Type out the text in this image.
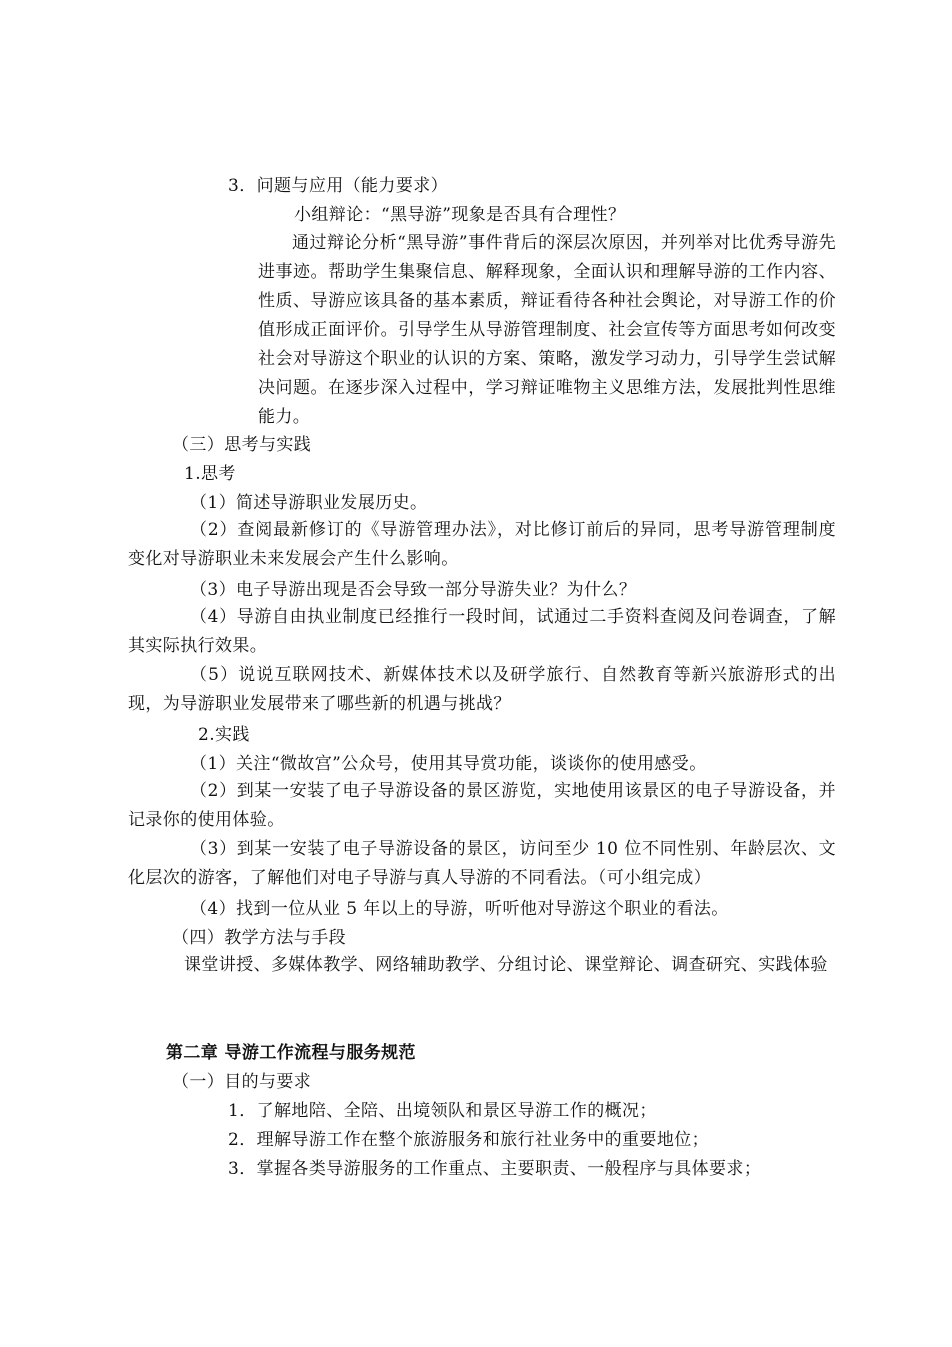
3．问题与应用（能力要求）
小组辩论：“黑导游”现象是否具有合理性？
通过辩论分析“黑导游”事件背后的深层次原因，并列举对比优秀导游先进事迹。帮助学生集聚信息、解释现象，全面认识和理解导游的工作内容、性质、导游应该具备的基本素质，辩证看待各种社会舆论，对导游工作的价值形成正面评价。引导学生从导游管理制度、社会宣传等方面思考如何改变社会对导游这个职业的认识的方案、策略，激发学习动力，引导学生尝试解决问题。在逐步深入过程中，学习辩证唯物主义思维方法，发展批判性思维能力。
（三）思考与实践
1.思考
（1）简述导游职业发展历史。
（2）查阅最新修订的《导游管理办法》，对比修订前后的异同，思考导游管理制度变化对导游职业未来发展会产生什么影响。
（3）电子导游出现是否会导致一部分导游失业？为什么？
（4）导游自由执业制度已经推行一段时间，试通过二手资料查阅及问卷调查，了解其实际执行效果。
（5）说说互联网技术、新媒体技术以及研学旅行、自然教育等新兴旅游形式的出现，为导游职业发展带来了哪些新的机遇与挑战？
2.实践
（1）关注“微故宫”公众号，使用其导赏功能，谈谈你的使用感受。
（2）到某一安装了电子导游设备的景区游览，实地使用该景区的电子导游设备，并记录你的使用体验。
（3）到某一安装了电子导游设备的景区，访问至少 10 位不同性别、年龄层次、文化层次的游客，了解他们对电子导游与真人导游的不同看法。（可小组完成）
（4）找到一位从业 5 年以上的导游，听听他对导游这个职业的看法。
（四）教学方法与手段
课堂讲授、多媒体教学、网络辅助教学、分组讨论、课堂辩论、调查研究、实践体验
第二章 导游工作流程与服务规范
（一）目的与要求
1．了解地陪、全陪、出境领队和景区导游工作的概况；
2．理解导游工作在整个旅游服务和旅行社业务中的重要地位；
3．掌握各类导游服务的工作重点、主要职责、一般程序与具体要求；
